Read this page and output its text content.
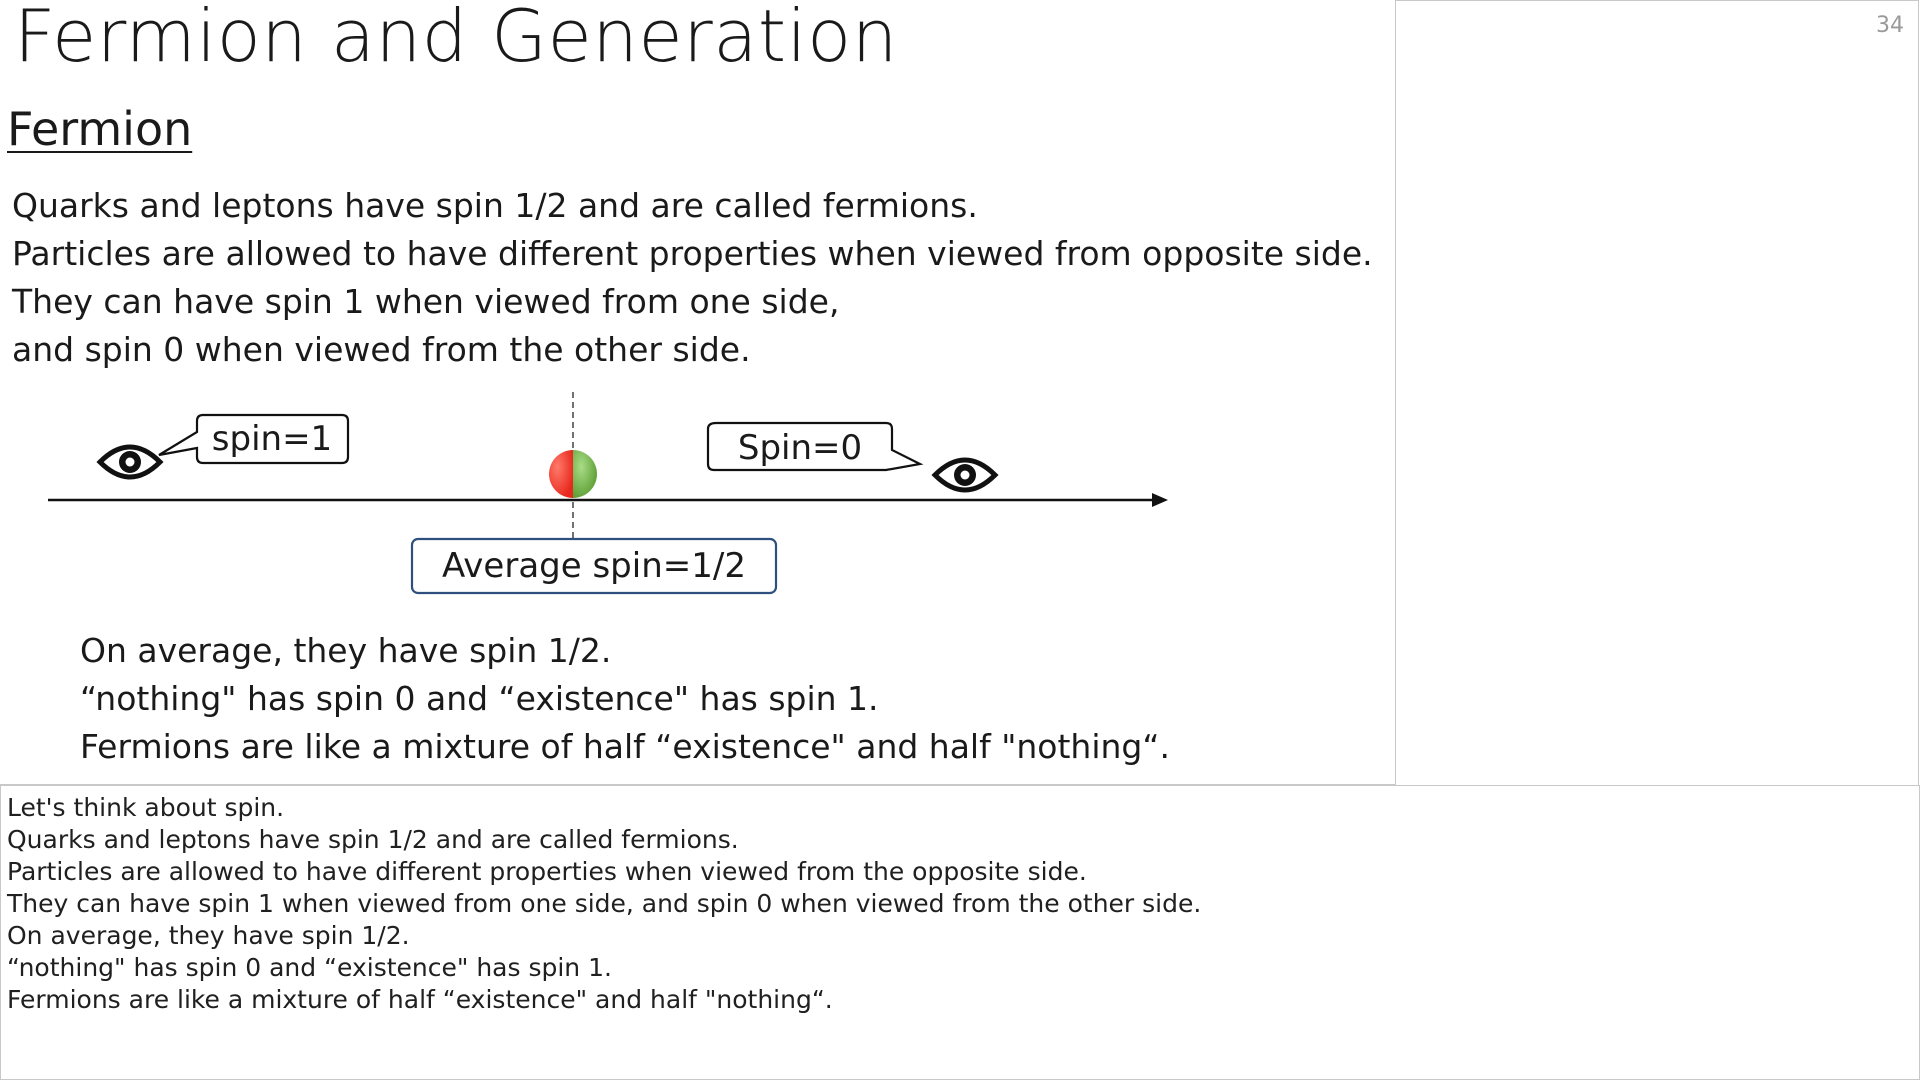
Fermion and Generation
Fermion
Quarks and leptons have spin 1/2 and are called fermions.
Particles are allowed to have different properties when viewed from opposite side.
They can have spin 1 when viewed from one side,
and spin 0 when viewed from the other side.
spin=1	Spin=0
Average spin=1/2
On average, they have spin 1/2.
“nothing" has spin 0 and “existence" has spin 1.
Fermions are like a mixture of half “existence" and half "nothing“.
34
Let's think about spin.
Quarks and leptons have spin 1/2 and are called fermions.
Particles are allowed to have different properties when viewed from the opposite side.
They can have spin 1 when viewed from one side, and spin 0 when viewed from the other side.
On average, they have spin 1/2.
“nothing" has spin 0 and “existence" has spin 1.
Fermions are like a mixture of half “existence" and half "nothing“.
